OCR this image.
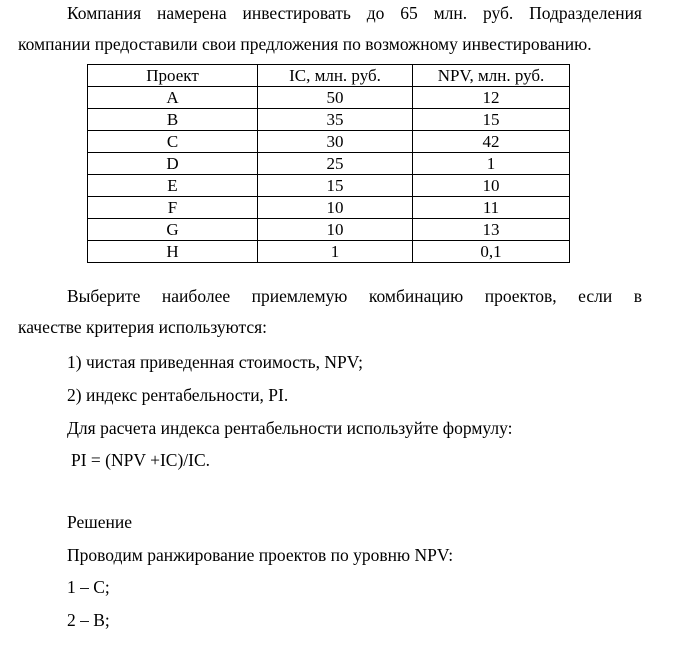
Компания намерена инвестировать до 65 млн. руб. Подразделения
компании предоставили свои предложения по возможному инвестированию.
Проект	IC, млн. руб.	NPV, млн. руб.
A	50	12
B	35	15
C	30	42
D	25	1
E	15	10
F	10	11
G	10	13
H	1	0,1
Выберите наиболее приемлемую комбинацию проектов, если в
качестве критерия используются:
1) чистая приведенная стоимость, NPV;
2) индекс рентабельности, PI.
Для расчета индекса рентабельности используйте формулу:
PI = (NPV +IC)/IC.
Решение
Проводим ранжирование проектов по уровню NPV:
1 – С;
2 – В;
